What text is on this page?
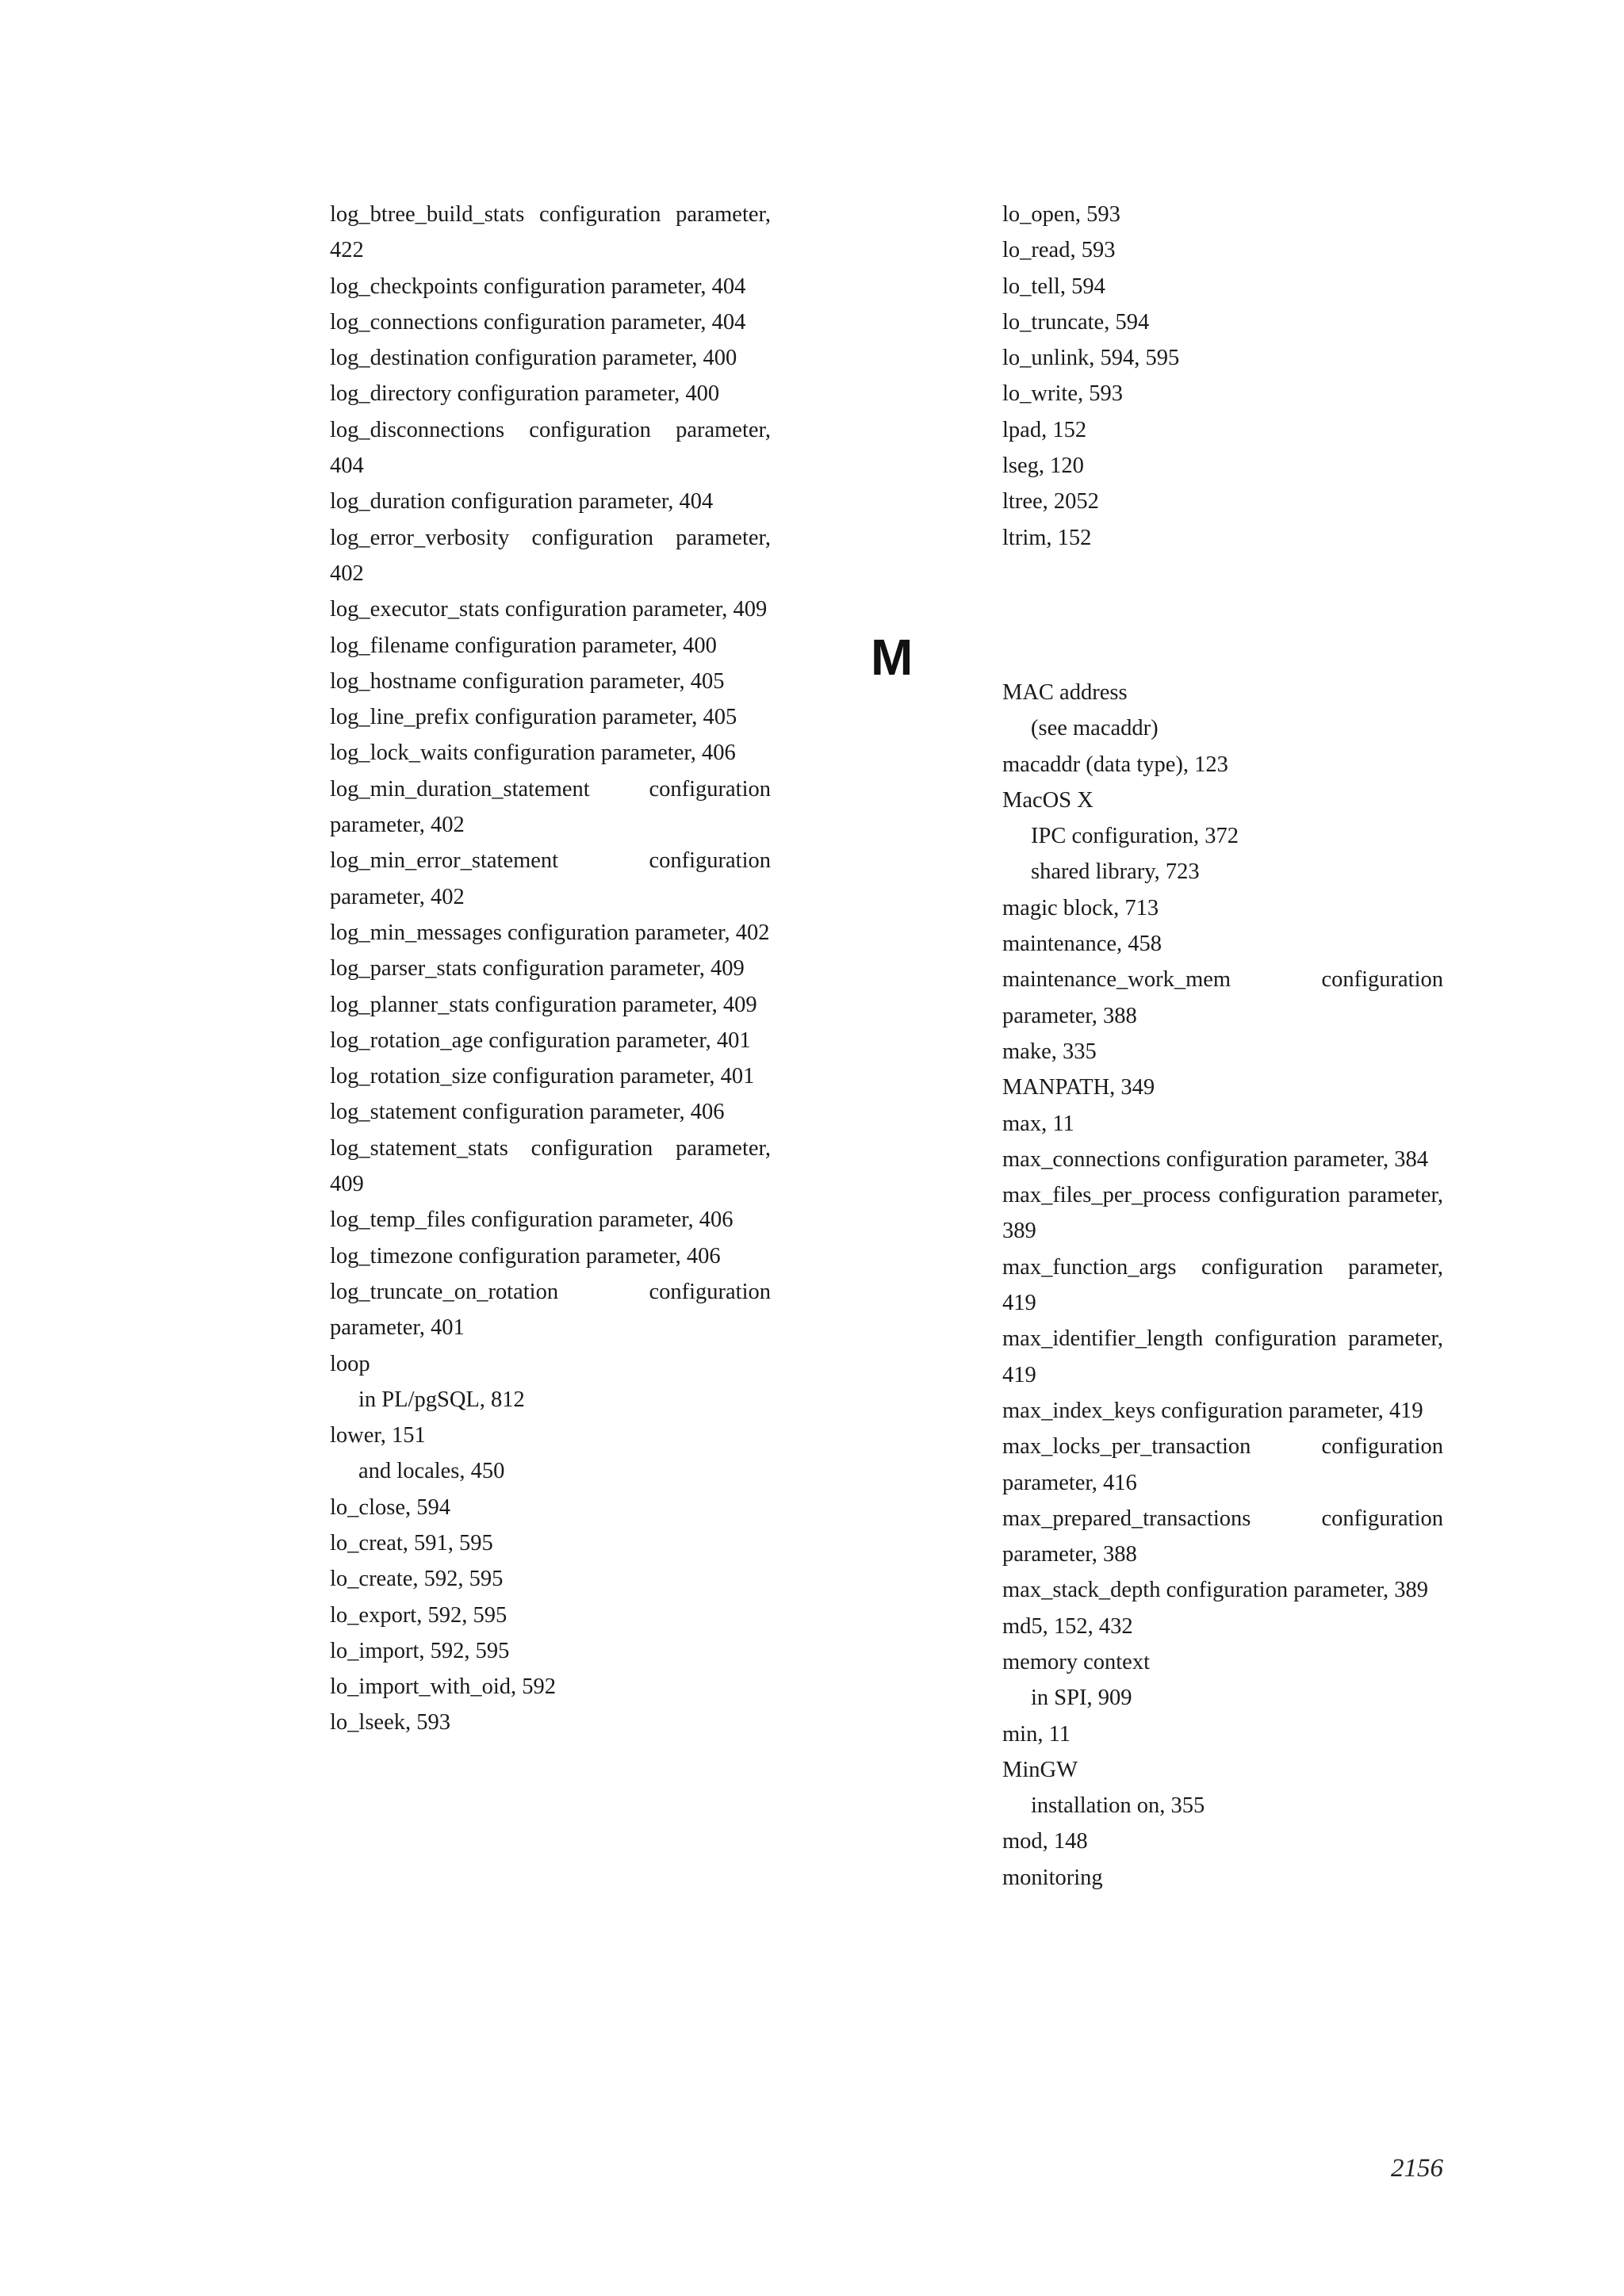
log_btree_build_stats configuration parameter, 422

log_checkpoints configuration parameter, 404

log_connections configuration parameter, 404

log_destination configuration parameter, 400

log_directory configuration parameter, 400

log_disconnections configuration parameter, 404

log_duration configuration parameter, 404

log_error_verbosity configuration parameter, 402

log_executor_stats configuration parameter, 409

log_filename configuration parameter, 400

log_hostname configuration parameter, 405

log_line_prefix configuration parameter, 405

log_lock_waits configuration parameter, 406

log_min_duration_statement configuration parameter, 402

log_min_error_statement configuration parameter, 402

log_min_messages configuration parameter, 402

log_parser_stats configuration parameter, 409

log_planner_stats configuration parameter, 409

log_rotation_age configuration parameter, 401

log_rotation_size configuration parameter, 401

log_statement configuration parameter, 406

log_statement_stats configuration parameter, 409

log_temp_files configuration parameter, 406

log_timezone configuration parameter, 406

log_truncate_on_rotation configuration parameter, 401

loop

in PL/pgSQL, 812

lower, 151

and locales, 450

lo_close, 594

lo_creat, 591, 595

lo_create, 592, 595

lo_export, 592, 595

lo_import, 592, 595

lo_import_with_oid, 592

lo_lseek, 593

M

lo_open, 593

lo_read, 593

lo_tell, 594

lo_truncate, 594

lo_unlink, 594, 595

lo_write, 593

lpad, 152

lseg, 120

ltree, 2052

ltrim, 152

MAC address

(see macaddr)

macaddr (data type), 123

MacOS X

IPC configuration, 372

shared library, 723

magic block, 713

maintenance, 458

maintenance_work_mem configuration parameter, 388

make, 335

MANPATH, 349

max, 11

max_connections configuration parameter, 384

max_files_per_process configuration parameter, 389

max_function_args configuration parameter, 419

max_identifier_length configuration parameter, 419

max_index_keys configuration parameter, 419

max_locks_per_transaction configuration parameter, 416

max_prepared_transactions configuration parameter, 388

max_stack_depth configuration parameter, 389

md5, 152, 432

memory context

in SPI, 909

min, 11

MinGW

installation on, 355

mod, 148

monitoring

2156
